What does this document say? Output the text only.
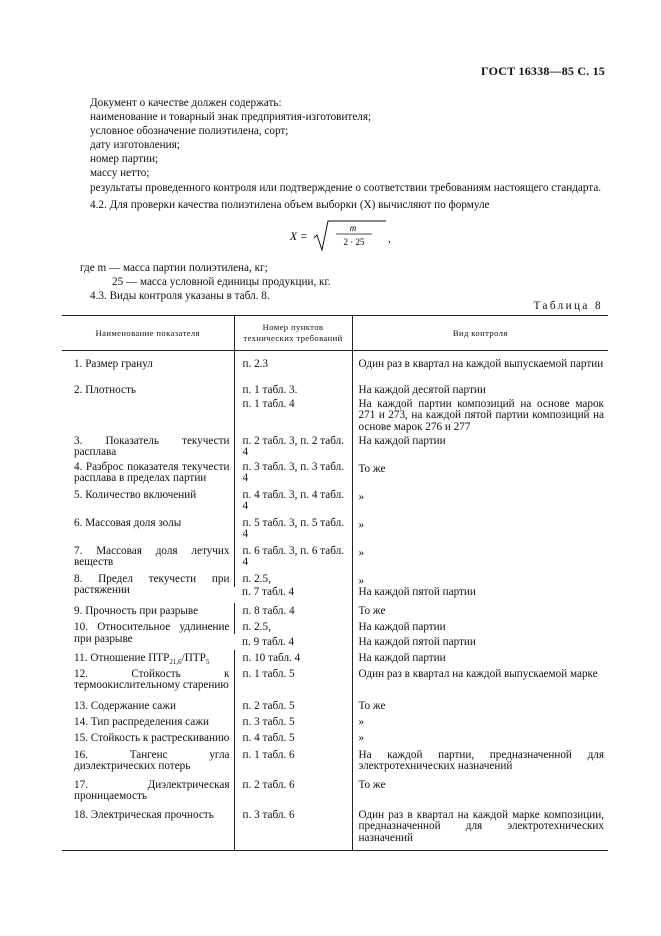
ГОСТ 16338—85 С. 15
Документ о качестве должен содержать:
наименование и товарный знак предприятия-изготовителя;
условное обозначение полиэтилена, сорт;
дату изготовления;
номер партии;
массу нетто;
результаты проведенного контроля или подтверждение о соответствии требованиям настоящего стандарта.
4.2. Для проверки качества полиэтилена объем выборки (X) вычисляют по формуле
X =
m
2 · 25 ,
где m — масса партии полиэтилена, кг;
25 — масса условной единицы продукции, кг.
4.3. Виды контроля указаны в табл. 8.
Таблица 8
Наименование показателя	Номер пунктов технических требований	Вид контроля
1. Размер гранул	п. 2.3	Один раз в квартал на каждой выпускаемой партии
2. Плотность	п. 1 табл. 3.	На каждой десятой партии
	п. 1 табл. 4	На каждой партии композиций на основе марок 271 и 273, на каждой пятой партии композиций на основе марок 276 и 277
3. Показатель текучести расплава	п. 2 табл. 3, п. 2 табл. 4	На каждой партии
4. Разброс показателя текучести расплава в пределах партии	п. 3 табл. 3, п. 3 табл. 4	То же
5. Количество включений	п. 4 табл. 3, п. 4 табл. 4	»
6. Массовая доля золы	п. 5 табл. 3, п. 5 табл. 4	»
7. Массовая доля летучих веществ	п. 6 табл. 3, п. 6 табл. 4	»
8. Предел текучести при растяжении	п. 2.5,	»
	п. 7 табл. 4	На каждой пятой партии
9. Прочность при разрыве	п. 8 табл. 4	То же
10. Относительное удлинение при разрыве	п. 2.5,	На каждой партии
	п. 9 табл. 4	На каждой пятой партии
11. Отношение $ПТР_{21,6}/ПТР_5$	п. 10 табл. 4	На каждой партии
12. Стойкость к термоокислительному старению	п. 1 табл. 5	Один раз в квартал на каждой выпускаемой марке
13. Содержание сажи	п. 2 табл. 5	То же
14. Тип распределения сажи	п. 3 табл. 5	»
15. Стойкость к растрескиванию	п. 4 табл. 5	»
16. Тангенс угла диэлектрических потерь	п. 1 табл. 6	На каждой партии, предназначенной для электротехнических назначений
17. Диэлектрическая проницаемость	п. 2 табл. 6	То же
18. Электрическая прочность	п. 3 табл. 6	Один раз в квартал на каждой марке композиции, предназначенной для электротехнических назначений
